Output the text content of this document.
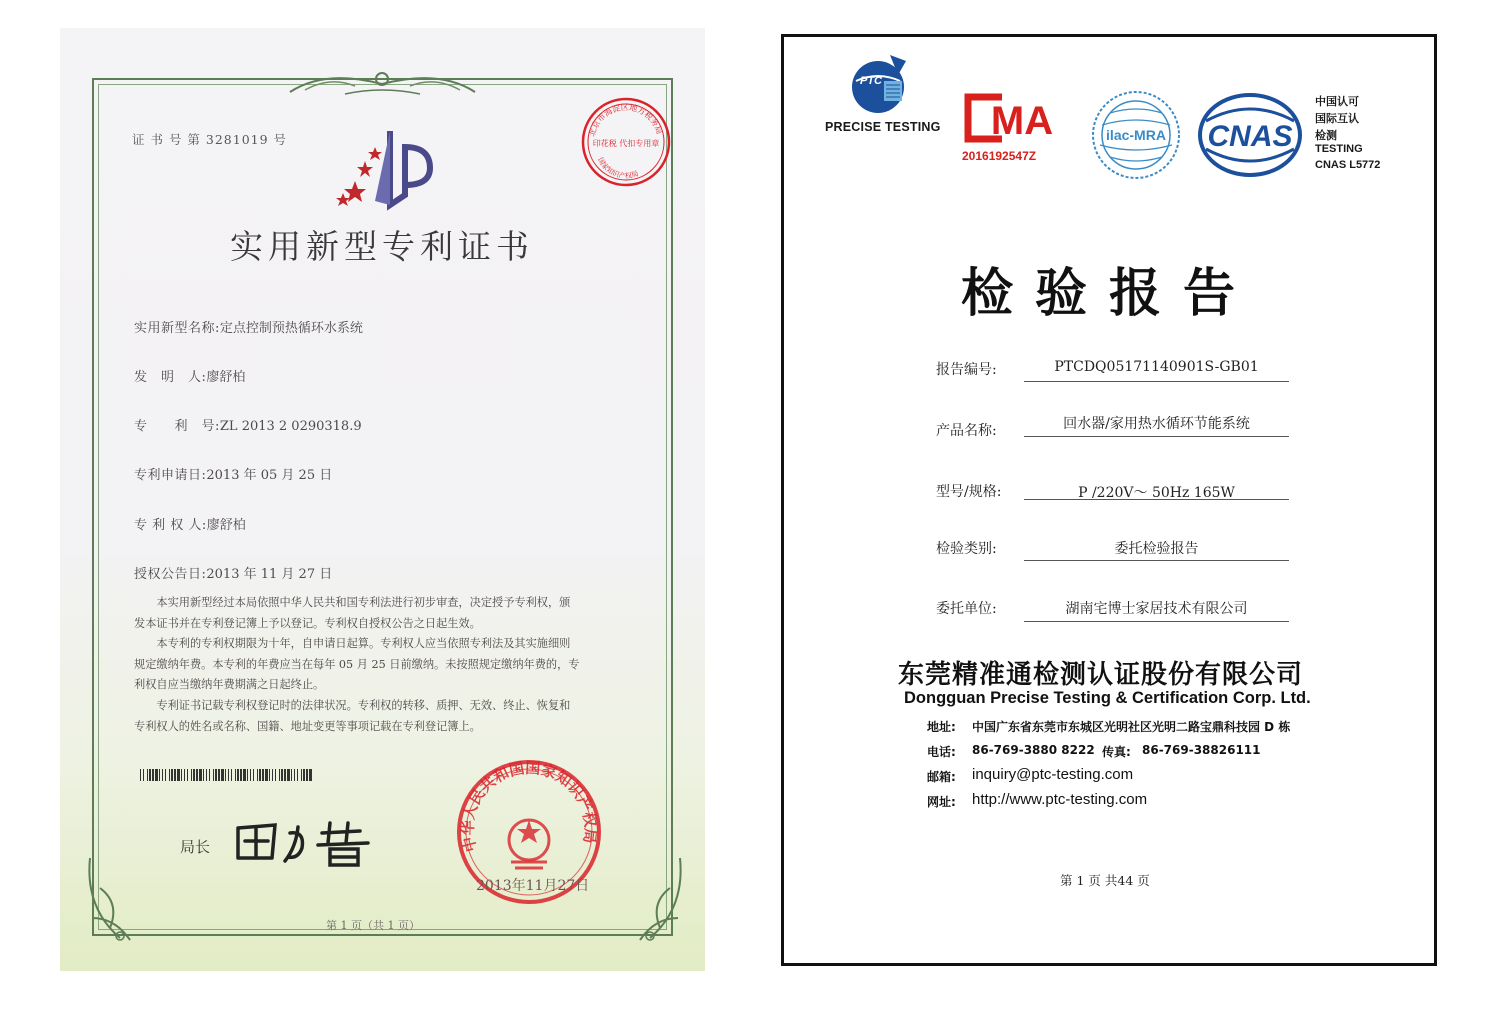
证 书 号 第 3281019 号	北京市海淀区地方税务局
国家知识产权局
印花税 代扣专用章
实用新型专利证书
实用新型名称:定点控制预热循环水系统
发　明　人:廖舒柏
专　　利　号:ZL 2013 2 0290318.9
专利申请日:2013 年 05 月 25 日
专 利 权 人:廖舒柏
授权公告日:2013 年 11 月 27 日
　　本实用新型经过本局依照中华人民共和国专利法进行初步审查，决定授予专利权，颁
发本证书并在专利登记簿上予以登记。专利权自授权公告之日起生效。
　　本专利的专利权期限为十年，自申请日起算。专利权人应当依照专利法及其实施细则
规定缴纳年费。本专利的年费应当在每年 05 月 25 日前缴纳。未按照规定缴纳年费的，专
利权自应当缴纳年费期满之日起终止。
　　专利证书记载专利权登记时的法律状况。专利权的转移、质押、无效、终止、恢复和
专利权人的姓名或名称、国籍、地址变更等事项记载在专利登记簿上。
局长	中华人民共和国国家知识产权局
2013年11月27日
第 1 页（共 1 页）
PTC
PRECISE TESTING MA
2016192547Z
ilac-MRA CNAS
中国认可
国际互认
检测
TESTING
CNAS L5772
检验报告
报告编号:	PTCDQ05171140901S-GB01
产品名称:	回水器/家用热水循环节能系统
型号/规格:	P /220V～ 50Hz 165W
检验类别:	委托检验报告
委托单位:	湖南宅博士家居技术有限公司
东莞精准通检测认证股份有限公司
Dongguan Precise Testing & Certification Corp. Ltd.
地址: 中国广东省东莞市东城区光明社区光明二路宝鼎科技园 D 栋
电话: 86-769-3880 8222 传真: 86-769-38826111
邮箱: inquiry@ptc-testing.com
网址: http://www.ptc-testing.com
第 1 页 共44 页
